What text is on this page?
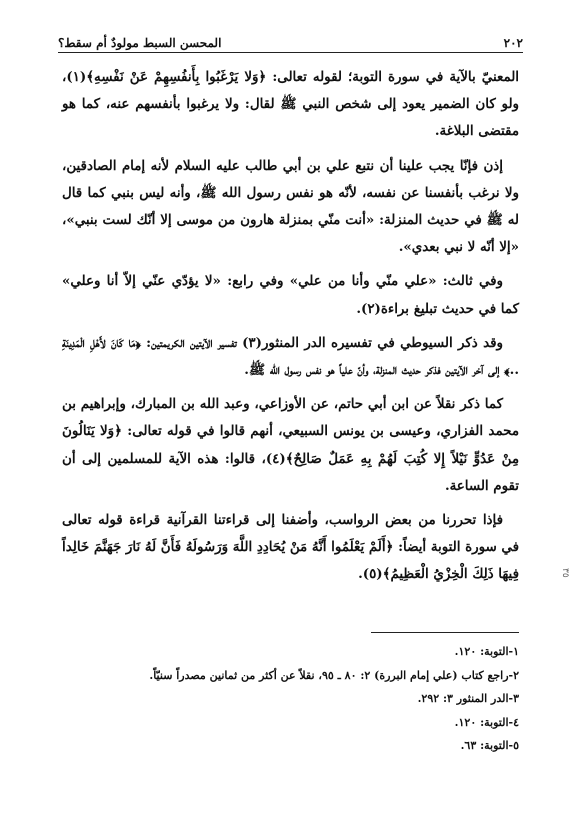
٢٠٢
المحسن السبط مولودٌ أم سقط؟

المعنيّ بالآية في سورة التوبة؛ لقوله تعالى: ﴿وَلا يَرْغَبُوا بِأَنفُسِهِمْ عَنْ نَفْسِهِ﴾(١)، ولو كان الضمير يعود إلى شخص النبي ﷺ لقال: ولا يرغبوا بأنفسهم عنه، كما هو مقتضى البلاغة.

إذن فإنّا يجب علينا أن نتبع علي بن أبي طالب عليه السلام لأنه إمام الصادقين، ولا نرغب بأنفسنا عن نفسه، لأنّه هو نفس رسول الله ﷺ، وأنه ليس بنبي كما قال له ﷺ في حديث المنزلة: «أنت منّي بمنزلة هارون من موسى إلا أنّك لست بنبي»، «إلا أنّه لا نبي بعدي».

وفي ثالث: «علي منّي وأنا من علي» وفي رابع: «لا يؤدّي عنّي إلاّ أنا وعلي» كما في حديث تبليغ براءة(٢).

وقد ذكر السيوطي في تفسيره الدر المنثور(٣) تفسير الآيتين الكريمتين: ﴿مَا كَانَ لأَهْلِ الْمَدِينَةِ ..﴾ إلى آخر الآيتين فذكر حديث المنزلة، وأنّ علياً هو نفس رسول الله ﷺ.

كما ذكر نقلاً عن ابن أبي حاتم، عن الأوزاعي، وعبد الله بن المبارك، وإبراهيم بن محمد الفزاري، وعيسى بن يونس السبيعي، أنهم قالوا في قوله تعالى: ﴿وَلا يَنَالُونَ مِنْ عَدُوٍّ نَيْلاً إِلا كُتِبَ لَهُمْ بِهِ عَمَلٌ صَالِحٌ﴾(٤)، قالوا: هذه الآية للمسلمين إلى أن تقوم الساعة.

فإذا تحررنا من بعض الرواسب، وأضفنا إلى قراءتنا القرآنية قراءة قوله تعالى في سورة التوبة أيضاً: ﴿أَلَمْ يَعْلَمُوا أَنَّهُ مَنْ يُحَادِدِ اللَّهَ وَرَسُولَهُ فَأَنَّ لَهُ نَارَ جَهَنَّمَ خَالِداً فِيهَا ذَلِكَ الْخِزْيُ الْعَظِيمُ﴾(٥).

١-التوبة: ١٢٠.
٢-راجع كتاب (علي إمام البررة) ٢: ٨٠ ـ ٩٥، نقلاً عن أكثر من ثمانين مصدراً سنيّاً.
٣-الدر المنثور ٣: ٢٩٢.
٤-التوبة: ١٢٠.
٥-التوبة: ٦٣.
٣٥
